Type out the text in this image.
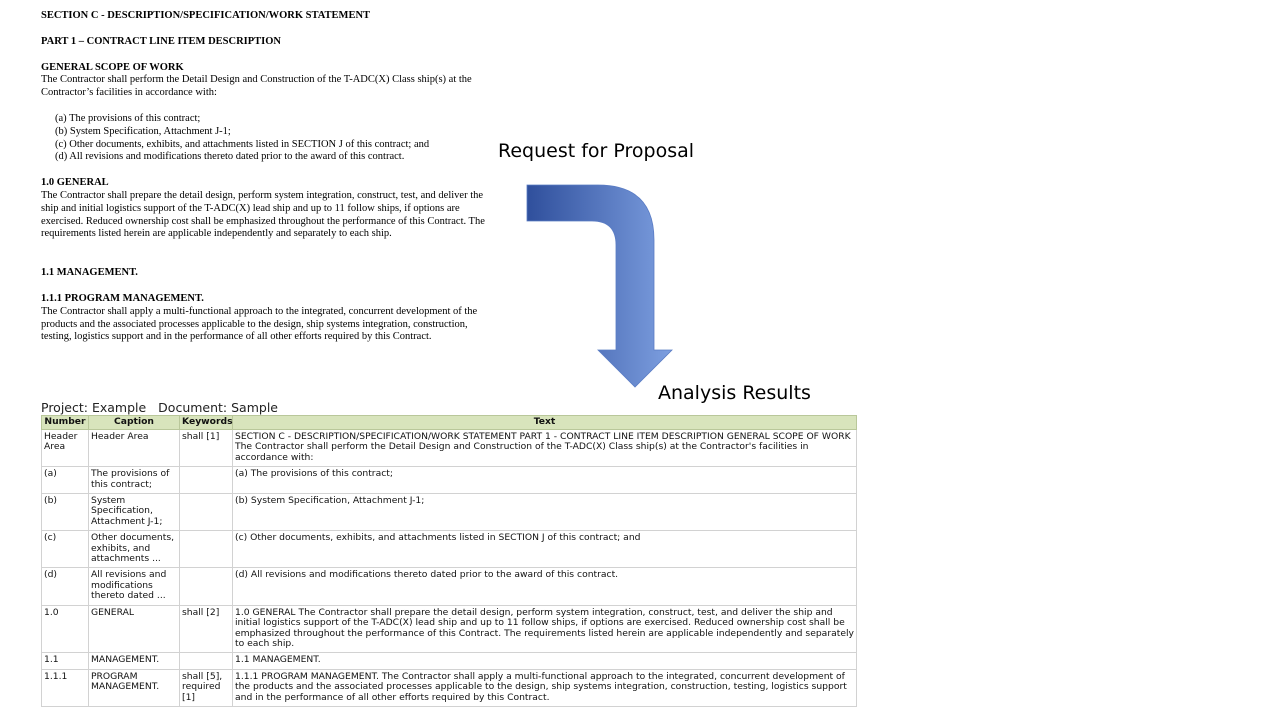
SECTION C - DESCRIPTION/SPECIFICATION/WORK STATEMENT

PART 1 – CONTRACT LINE ITEM DESCRIPTION

GENERAL SCOPE OF WORK

The Contractor shall perform the Detail Design and Construction of the T-ADC(X) Class ship(s) at the Contractor’s facilities in accordance with:

(a) The provisions of this contract;
(b) System Specification, Attachment J-1;
(c) Other documents, exhibits, and attachments listed in SECTION J of this contract; and
(d) All revisions and modifications thereto dated prior to the award of this contract.

1.0 GENERAL

The Contractor shall prepare the detail design, perform system integration, construct, test, and deliver the ship and initial logistics support of the T-ADC(X) lead ship and up to 11 follow ships, if options are exercised. Reduced ownership cost shall be emphasized throughout the performance of this Contract. The requirements listed herein are applicable independently and separately to each ship.

1.1 MANAGEMENT.

1.1.1 PROGRAM MANAGEMENT.

The Contractor shall apply a multi-functional approach to the integrated, concurrent development of the products and the associated processes applicable to the design, ship systems integration, construction, testing, logistics support and in the performance of all other efforts required by this Contract.

Request for Proposal
Analysis Results
Project: Example Document: Sample
Number	Caption	Keywords	Text
Header Area	Header Area	shall [1]	SECTION C - DESCRIPTION/SPECIFICATION/WORK STATEMENT PART 1 - CONTRACT LINE ITEM DESCRIPTION GENERAL SCOPE OF WORK The Contractor shall perform the Detail Design and Construction of the T-ADC(X) Class ship(s) at the Contractor's facilities in accordance with:
(a)	The provisions of this contract;		(a) The provisions of this contract;
(b)	System Specification, Attachment J-1;		(b) System Specification, Attachment J-1;
(c)	Other documents, exhibits, and attachments ...		(c) Other documents, exhibits, and attachments listed in SECTION J of this contract; and
(d)	All revisions and modifications thereto dated ...		(d) All revisions and modifications thereto dated prior to the award of this contract.
1.0	GENERAL	shall [2]	1.0 GENERAL The Contractor shall prepare the detail design, perform system integration, construct, test, and deliver the ship and initial logistics support of the T-ADC(X) lead ship and up to 11 follow ships, if options are exercised. Reduced ownership cost shall be emphasized throughout the performance of this Contract. The requirements listed herein are applicable independently and separately to each ship.
1.1	MANAGEMENT.		1.1 MANAGEMENT.
1.1.1	PROGRAM MANAGEMENT.	shall [5], required [1]	1.1.1 PROGRAM MANAGEMENT. The Contractor shall apply a multi-functional approach to the integrated, concurrent development of the products and the associated processes applicable to the design, ship systems integration, construction, testing, logistics support and in the performance of all other efforts required by this Contract.
